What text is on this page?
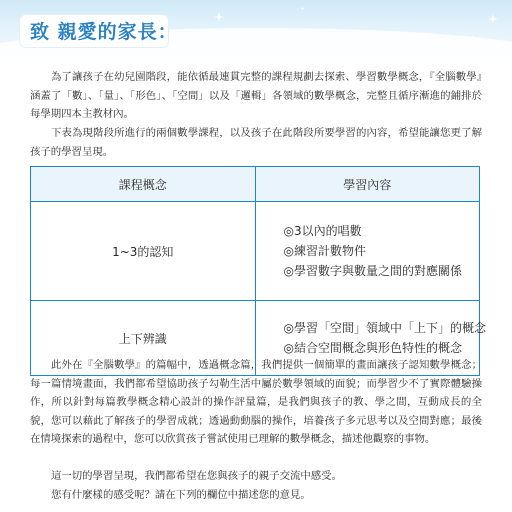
致 親愛的家長：

為了讓孩子在幼兒園階段，能依循最連貫完整的課程規劃去探索、學習數學概念，『全腦數學』涵蓋了「數」、「量」、「形色」、「空間」以及「邏輯」各領域的數學概念，完整且循序漸進的鋪排於每學期四本主教材內。

下表為現階段所進行的兩個數學課程，以及孩子在此階段所要學習的內容，希望能讓您更了解孩子的學習呈現。

課程概念	學習內容
1~3的認知	◎3以內的唱數
◎練習計數物件
◎學習數字與數量之間的對應關係

上下辨識	◎學習「空間」領域中「上下」的概念
◎結合空間概念與形色特性的概念

此外在『全腦數學』的篇幅中，透過概念篇，我們提供一個簡單的畫面讓孩子認知數學概念；每一篇情境畫面，我們都希望協助孩子勾勒生活中屬於數學領域的面貌；而學習少不了實際體驗操作，所以針對每篇教學概念精心設計的操作評量篇，是我們與孩子的教、學之間，互動成長的全貌，您可以藉此了解孩子的學習成就；透過動動腦的操作，培養孩子多元思考以及空間對應；最後在情境探索的過程中，您可以欣賞孩子嘗試使用已理解的數學概念，描述他觀察的事物。

這一切的學習呈現，我們都希望在您與孩子的親子交流中感受。

您有什麼樣的感受呢？請在下列的欄位中描述您的意見。
